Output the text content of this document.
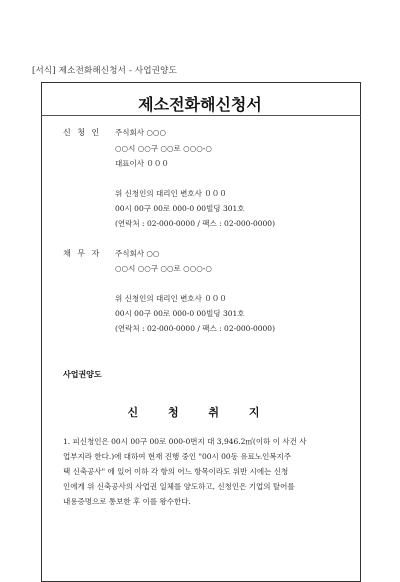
[서식] 제소전화해신청서 - 사업권양도
제소전화해신청서
신 청 인 주식회사 ○○○
○○시 ○○구 ○○로 ○○○-○
대표이사 ０００
위 신청인의 대리인 변호사 ０００
00시 00구 00로 000-0 00빌딩 301호
(연락처 : 02-000-0000 / 팩스 : 02-000-0000)
채 무 자 주식회사 ○○
○○시 ○○구 ○○로 ○○○-○
위 신청인의 대리인 변호사 ０００
00시 00구 00로 000-0 00빌딩 301호
(연락처 : 02-000-0000 / 팩스 : 02-000-0000)
사업권양도
신 청 취 지
1. 피신청인은 00시 00구 00로 000-0번지 대 3,946.2㎡(이하 이 사건 사
업부지라 한다.)에 대하여 현재 진행 중인 "00시 00동 유료노인복지주
택 신축공사" 에 있어 이하 각 항의 어느 항목이라도 위반 시에는 신청
인에게 위 신축공사의 사업권 일체를 양도하고, 신청인은 기업의 탈어를
내용증명으로 통보한 후 이를 왕수한다.
